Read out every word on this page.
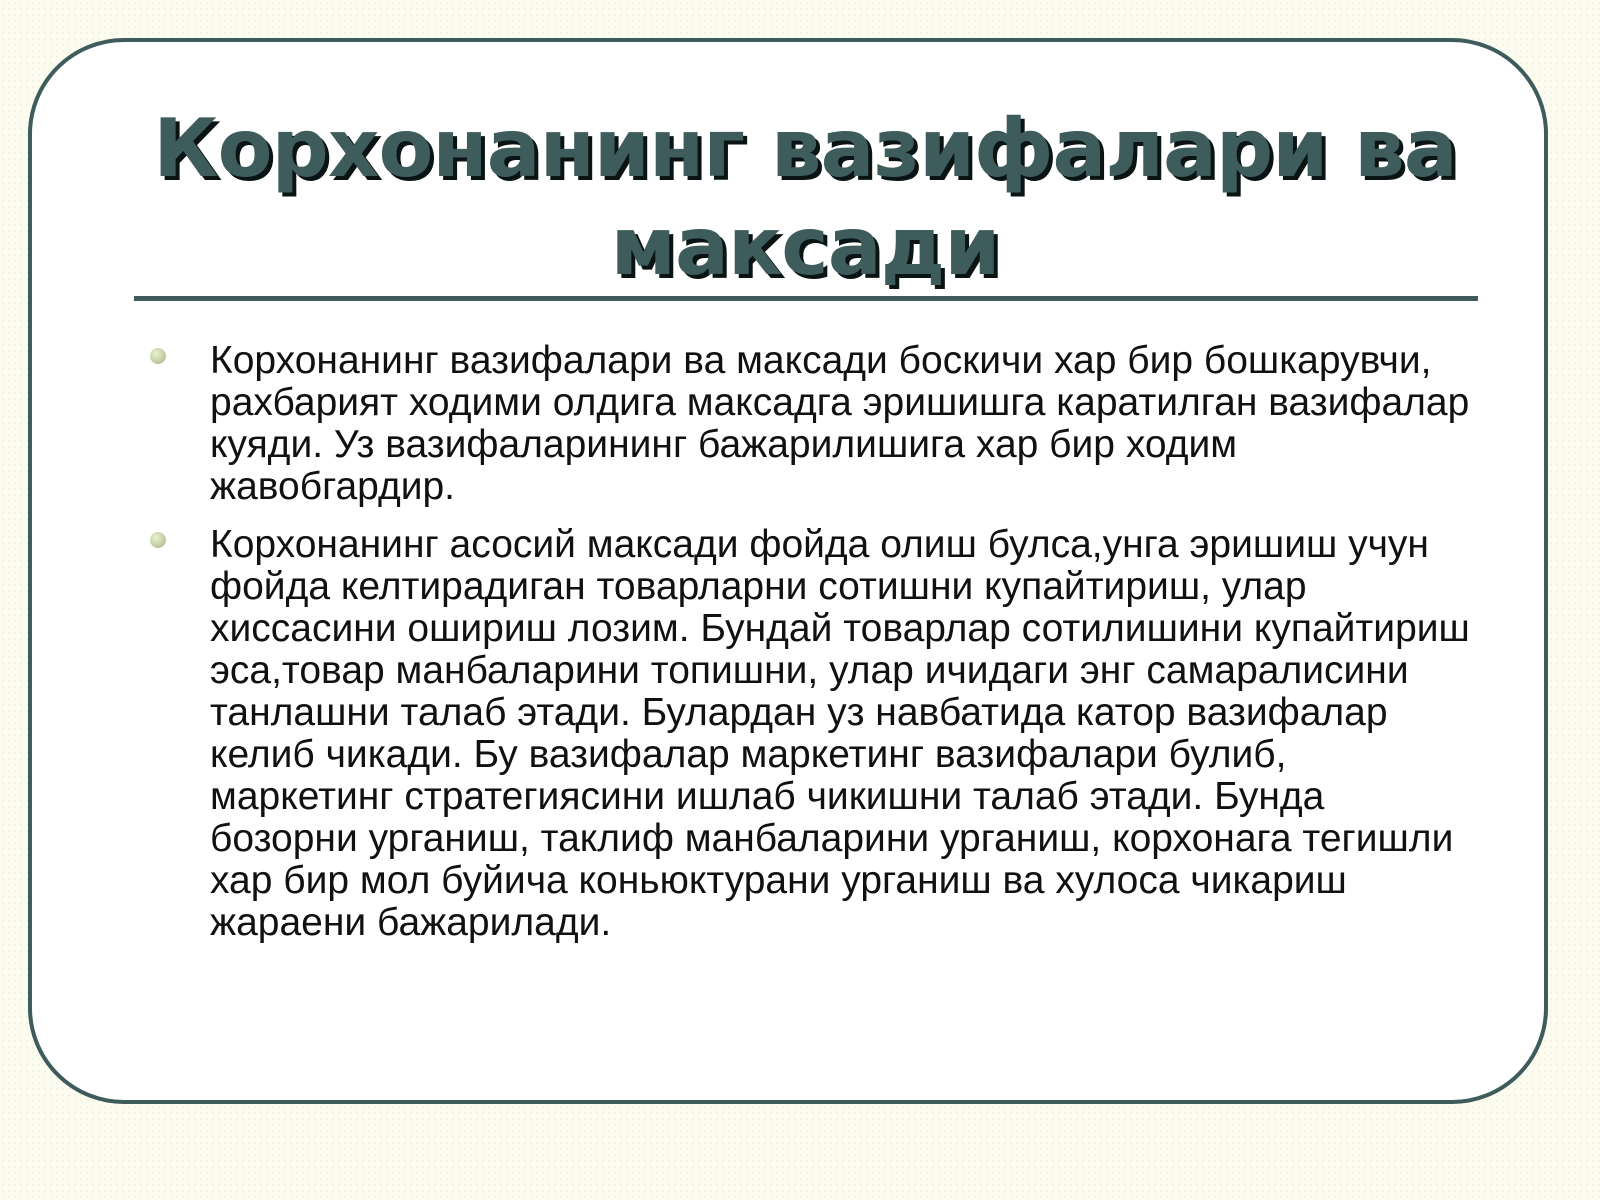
Корхонанинг вазифалари ва максади
Корхонанинг вазифалари ва максади боскичи хар бир бошкарувчи, рахбарият ходими олдига максадга эришишга каратилган вазифалар куяди. Уз вазифаларининг бажарилишига хар бир ходим жавобгардир.
Корхонанинг асосий максади фойда олиш булса,унга эришиш учун фойда келтирадиган товарларни сотишни купайтириш, улар хиссасини ошириш лозим. Бундай товарлар сотилишини купайтириш эса,товар манбаларини топишни, улар ичидаги энг самаралисини танлашни талаб этади. Булардан уз навбатида катор вазифалар келиб чикади. Бу вазифалар маркетинг вазифалари булиб, маркетинг стратегиясини ишлаб чикишни талаб этади. Бунда бозорни урганиш, таклиф манбаларини урганиш, корхонага тегишли хар бир мол буйича коньюктурани урганиш ва хулоса чикариш жараени бажарилади.
